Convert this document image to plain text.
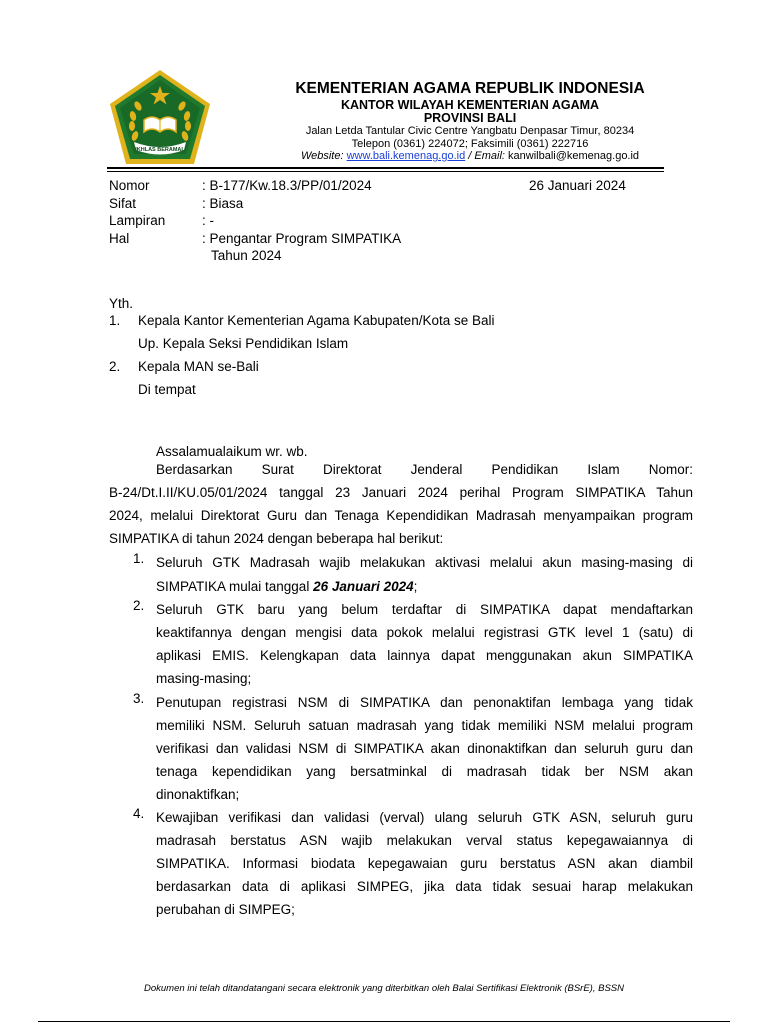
IKHLAS BERAMAL
KEMENTERIAN AGAMA REPUBLIK INDONESIA
KANTOR WILAYAH KEMENTERIAN AGAMA
PROVINSI BALI
Jalan Letda Tantular Civic Centre Yangbatu Denpasar Timur, 80234
Telepon (0361) 224072; Faksimili (0361) 222716
Website: www.bali.kemenag.go.id / Email: kanwilbali@kemenag.go.id
Nomor	: B-177/Kw.18.3/PP/01/2024	26 Januari 2024
Sifat	: Biasa
Lampiran	: -
Hal	: Pengantar Program SIMPATIKA
Tahun 2024
Yth.
1. Kepala Kantor Kementerian Agama Kabupaten/Kota se Bali
Up. Kepala Seksi Pendidikan Islam
2. Kepala MAN se-Bali
Di tempat
Assalamualaikum wr. wb.
Berdasarkan Surat Direktorat Jenderal Pendidikan Islam Nomor:
B-24/Dt.I.II/KU.05/01/2024 tanggal 23 Januari 2024 perihal Program SIMPATIKA Tahun
2024, melalui Direktorat Guru dan Tenaga Kependidikan Madrasah menyampaikan program
SIMPATIKA di tahun 2024 dengan beberapa hal berikut:
1. Seluruh GTK Madrasah wajib melakukan aktivasi melalui akun masing-masing di
SIMPATIKA mulai tanggal 26 Januari 2024;
2. Seluruh GTK baru yang belum terdaftar di SIMPATIKA dapat mendaftarkan
keaktifannya dengan mengisi data pokok melalui registrasi GTK level 1 (satu) di
aplikasi EMIS. Kelengkapan data lainnya dapat menggunakan akun SIMPATIKA
masing-masing;
3. Penutupan registrasi NSM di SIMPATIKA dan penonaktifan lembaga yang tidak
memiliki NSM. Seluruh satuan madrasah yang tidak memiliki NSM melalui program
verifikasi dan validasi NSM di SIMPATIKA akan dinonaktifkan dan seluruh guru dan
tenaga kependidikan yang bersatminkal di madrasah tidak ber NSM akan
dinonaktifkan;
4. Kewajiban verifikasi dan validasi (verval) ulang seluruh GTK ASN, seluruh guru
madrasah berstatus ASN wajib melakukan verval status kepegawaiannya di
SIMPATIKA. Informasi biodata kepegawaian guru berstatus ASN akan diambil
berdasarkan data di aplikasi SIMPEG, jika data tidak sesuai harap melakukan
perubahan di SIMPEG;
Dokumen ini telah ditandatangani secara elektronik yang diterbitkan oleh Balai Sertifikasi Elektronik (BSrE), BSSN
